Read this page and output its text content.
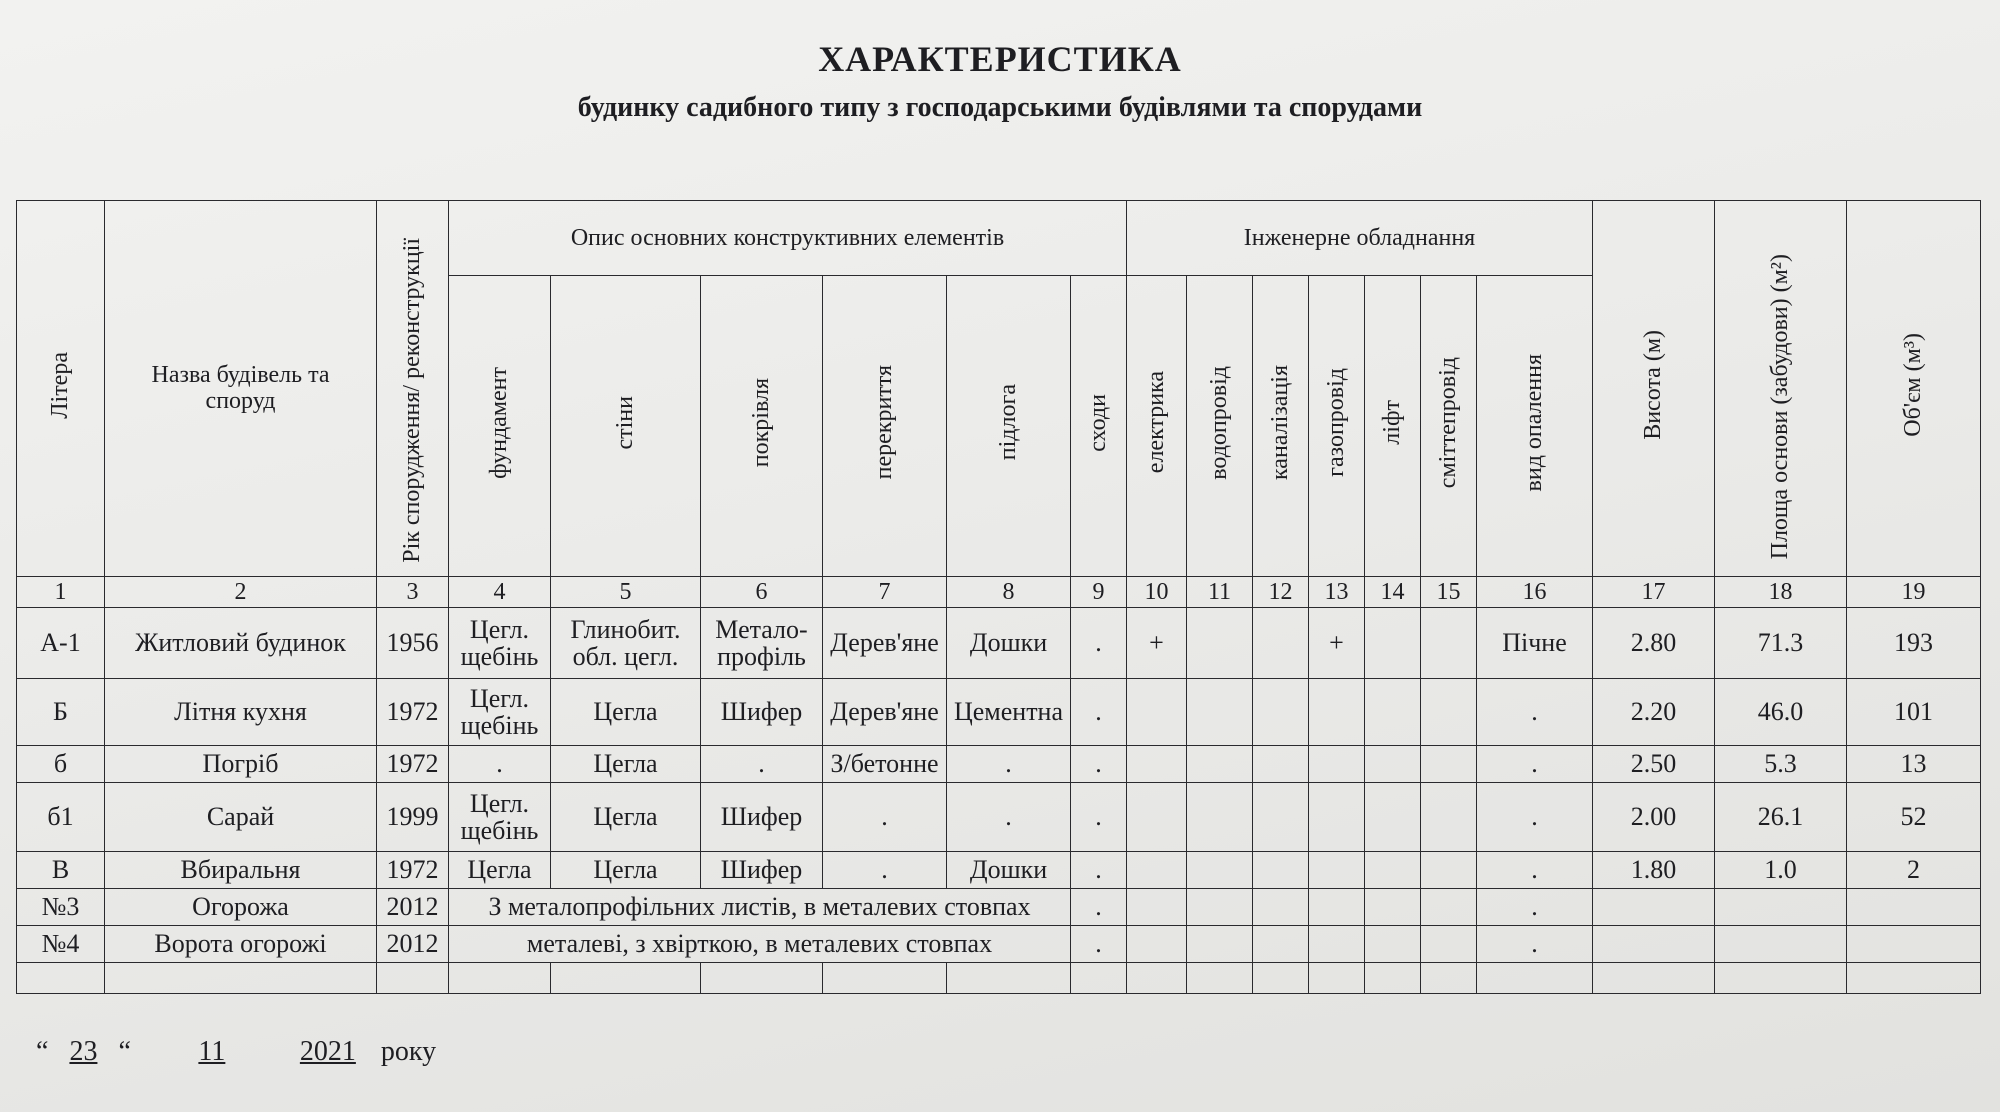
ХАРАКТЕРИСТИКА
будинку садибного типу з господарськими будівлями та спорудами
Літера	Назва будівель та споруд	Рік спорудження/ реконструкції	Опис основних конструктивних елементів						Інженерне обладнання							Висота (м)	Площа основи (забудови) (м²)	Об'єм (м³)
			фундамент	стіни	покрівля	перекриття	підлога	сходи	електрика	водопровід	каналізація	газопровід	ліфт	сміттепровід	вид опалення			
1	2	3	4	5	6	7	8	9	10	11	12	13	14	15	16	17	18	19
А-1	Житловий будинок	1956	Цегл. щебінь	Глинобит. обл. цегл.	Метало-профіль	Дерев'яне	Дошки	.	+			+			Пічне	2.80	71.3	193
Б	Літня кухня	1972	Цегл. щебінь	Цегла	Шифер	Дерев'яне	Цементна	.							.	2.20	46.0	101
б	Погріб	1972	.	Цегла	.	З/бетонне	.	.							.	2.50	5.3	13
б1	Сарай	1999	Цегл. щебінь	Цегла	Шифер	.	.	.							.	2.00	26.1	52
В	Вбиральня	1972	Цегла	Цегла	Шифер	.	Дошки	.							.	1.80	1.0	2
№3	Огорожа	2012	З металопрофільних листів, в металевих стовпах					.							.			
№4	Ворота огорожі	2012	металеві, з хвірткою, в металевих стовпах					.							.			

“ 23 “	11	2021 року
